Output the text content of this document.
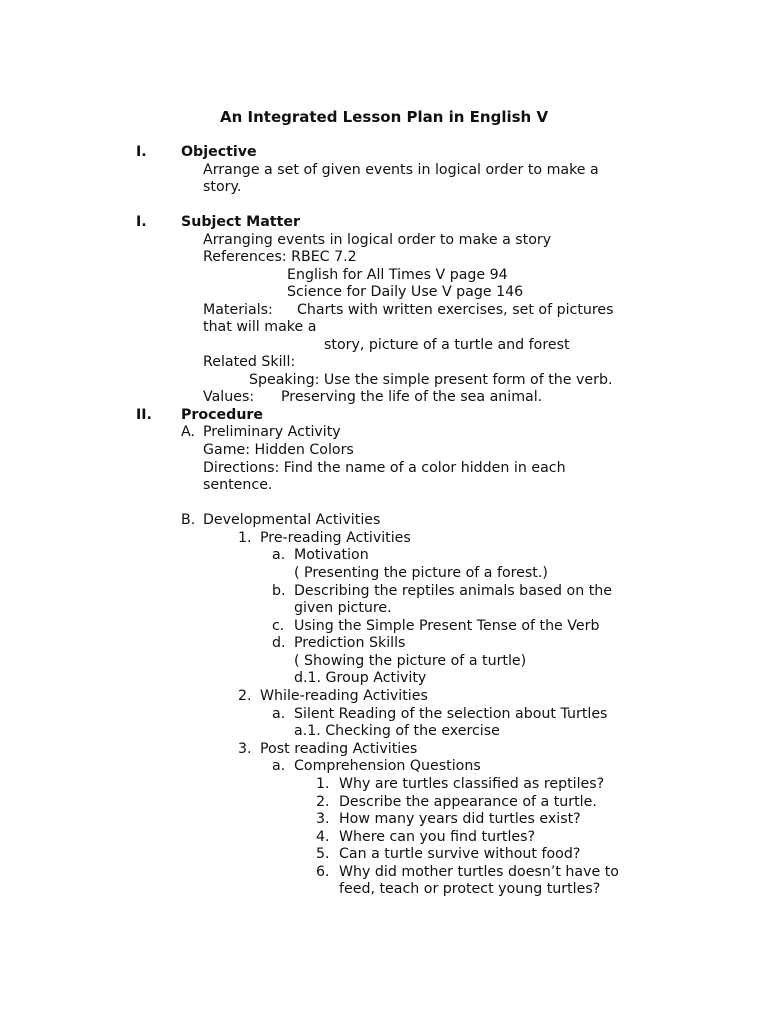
An Integrated Lesson Plan in English V
I. Objective
Arrange a set of given events in logical order to make a
story.
I. Subject Matter
Arranging events in logical order to make a story
References: RBEC 7.2
English for All Times V page 94
Science for Daily Use V page 146
Materials: Charts with written exercises, set of pictures
that will make a
story, picture of a turtle and forest
Related Skill:
Speaking: Use the simple present form of the verb.
Values: Preserving the life of the sea animal.
II. Procedure
A. Preliminary Activity
Game: Hidden Colors
Directions: Find the name of a color hidden in each
sentence.
B. Developmental Activities
1. Pre-reading Activities
a. Motivation
( Presenting the picture of a forest.)
b. Describing the reptiles animals based on the
given picture.
c. Using the Simple Present Tense of the Verb
d. Prediction Skills
( Showing the picture of a turtle)
d.1. Group Activity
2. While-reading Activities
a. Silent Reading of the selection about Turtles
a.1. Checking of the exercise
3. Post reading Activities
a. Comprehension Questions
1. Why are turtles classified as reptiles?
2. Describe the appearance of a turtle.
3. How many years did turtles exist?
4. Where can you find turtles?
5. Can a turtle survive without food?
6. Why did mother turtles doesn’t have to
feed, teach or protect young turtles?
